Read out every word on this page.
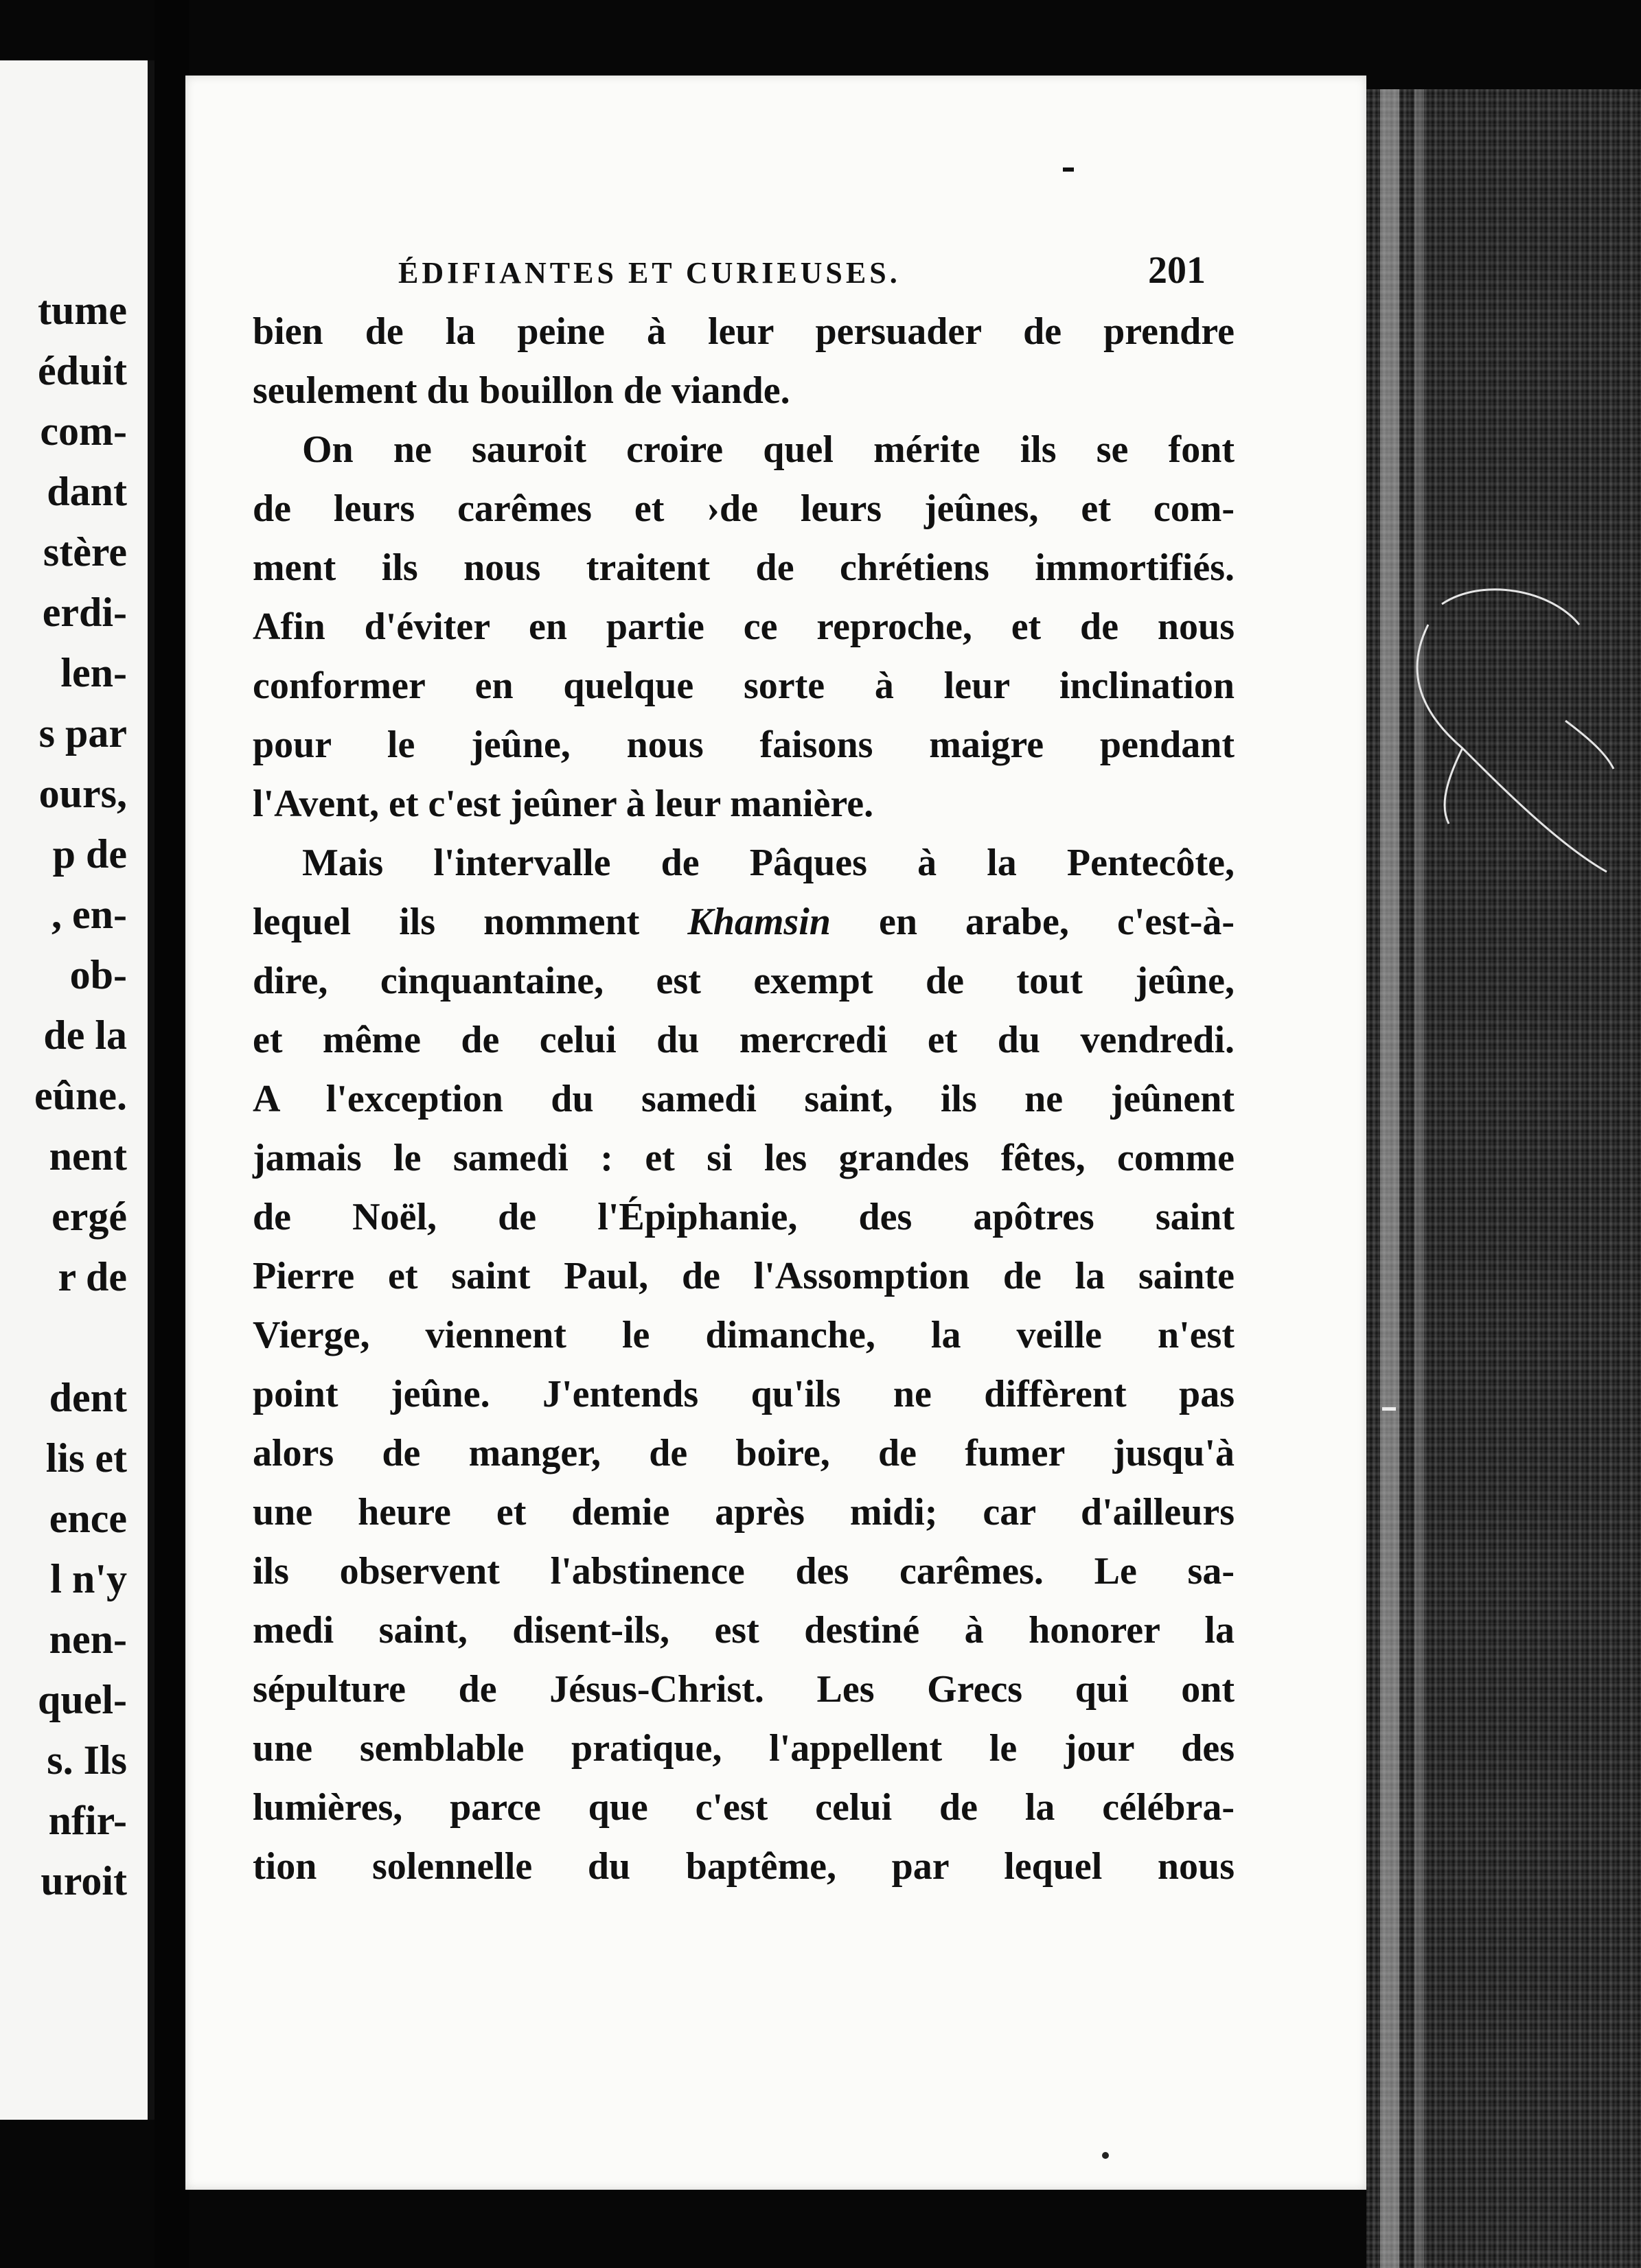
tume
éduit
com-
dant
stère
erdi-
len-
s par
ours,
p de
, en-
ob-
de la
eûne.
nent
ergé
r de
dent
lis et
ence
l n'y
nen-
quel-
s. Ils
nfir-
uroit
ÉDIFIANTES ET CURIEUSES.	201
bien de la peine à leur persuader de prendre
seulement du bouillon de viande.
On ne sauroit croire quel mérite ils se font
de leurs carêmes et ›de leurs jeûnes, et com-
ment ils nous traitent de chrétiens immortifiés.
Afin d'éviter en partie ce reproche, et de nous
conformer en quelque sorte à leur inclination
pour le jeûne, nous faisons maigre pendant
l'Avent, et c'est jeûner à leur manière.
Mais l'intervalle de Pâques à la Pentecôte,
lequel ils nomment Khamsin en arabe, c'est-à-
dire, cinquantaine, est exempt de tout jeûne,
et même de celui du mercredi et du vendredi.
A l'exception du samedi saint, ils ne jeûnent
jamais le samedi : et si les grandes fêtes, comme
de Noël, de l'Épiphanie, des apôtres saint
Pierre et saint Paul, de l'Assomption de la sainte
Vierge, viennent le dimanche, la veille n'est
point jeûne. J'entends qu'ils ne diffèrent pas
alors de manger, de boire, de fumer jusqu'à
une heure et demie après midi; car d'ailleurs
ils observent l'abstinence des carêmes. Le sa-
medi saint, disent-ils, est destiné à honorer la
sépulture de Jésus-Christ. Les Grecs qui ont
une semblable pratique, l'appellent le jour des
lumières, parce que c'est celui de la célébra-
tion solennelle du baptême, par lequel nous
